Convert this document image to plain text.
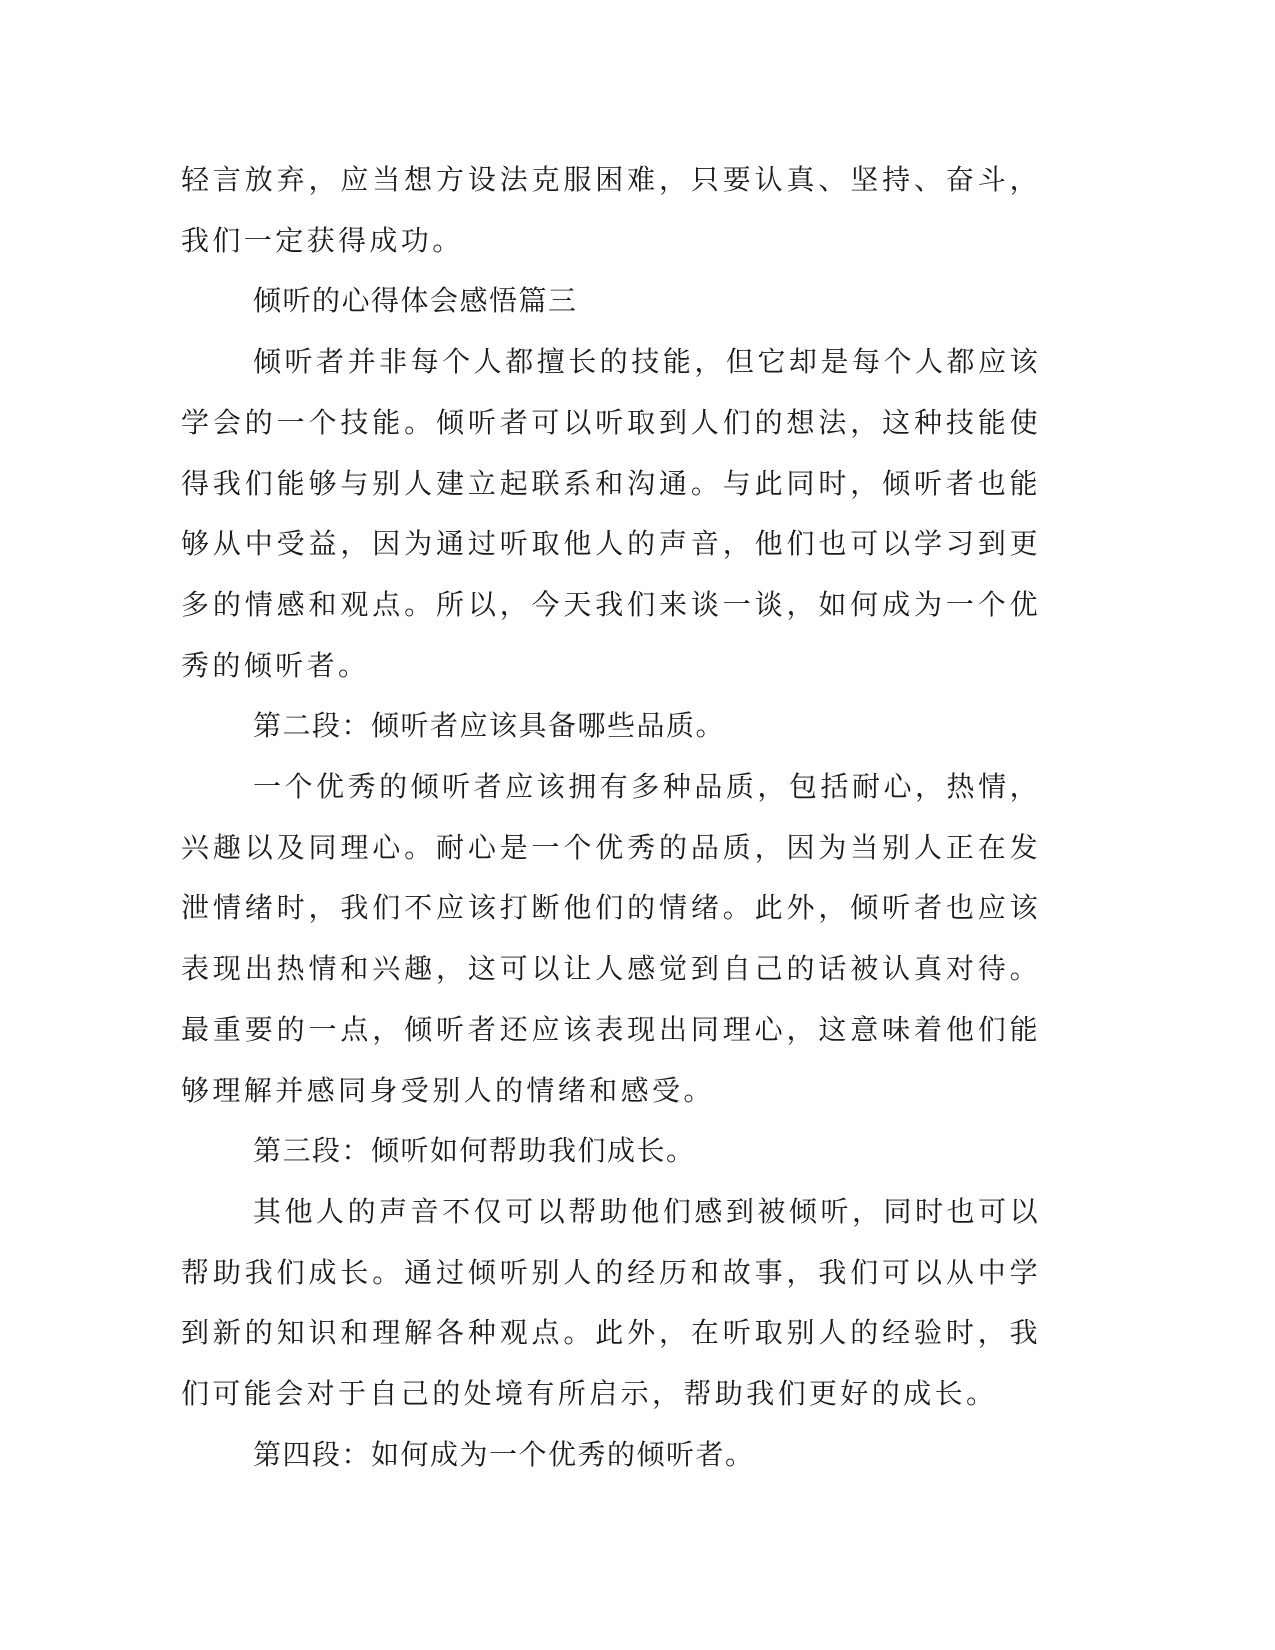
轻言放弃，应当想方设法克服困难，只要认真、坚持、奋斗，我们一定获得成功。

倾听的心得体会感悟篇三

倾听者并非每个人都擅长的技能，但它却是每个人都应该学会的一个技能。倾听者可以听取到人们的想法，这种技能使得我们能够与别人建立起联系和沟通。与此同时，倾听者也能够从中受益，因为通过听取他人的声音，他们也可以学习到更多的情感和观点。所以，今天我们来谈一谈，如何成为一个优秀的倾听者。

第二段：倾听者应该具备哪些品质。

一个优秀的倾听者应该拥有多种品质，包括耐心，热情，兴趣以及同理心。耐心是一个优秀的品质，因为当别人正在发泄情绪时，我们不应该打断他们的情绪。此外，倾听者也应该表现出热情和兴趣，这可以让人感觉到自己的话被认真对待。最重要的一点，倾听者还应该表现出同理心，这意味着他们能够理解并感同身受别人的情绪和感受。

第三段：倾听如何帮助我们成长。

其他人的声音不仅可以帮助他们感到被倾听，同时也可以帮助我们成长。通过倾听别人的经历和故事，我们可以从中学到新的知识和理解各种观点。此外，在听取别人的经验时，我们可能会对于自己的处境有所启示，帮助我们更好的成长。

第四段：如何成为一个优秀的倾听者。
